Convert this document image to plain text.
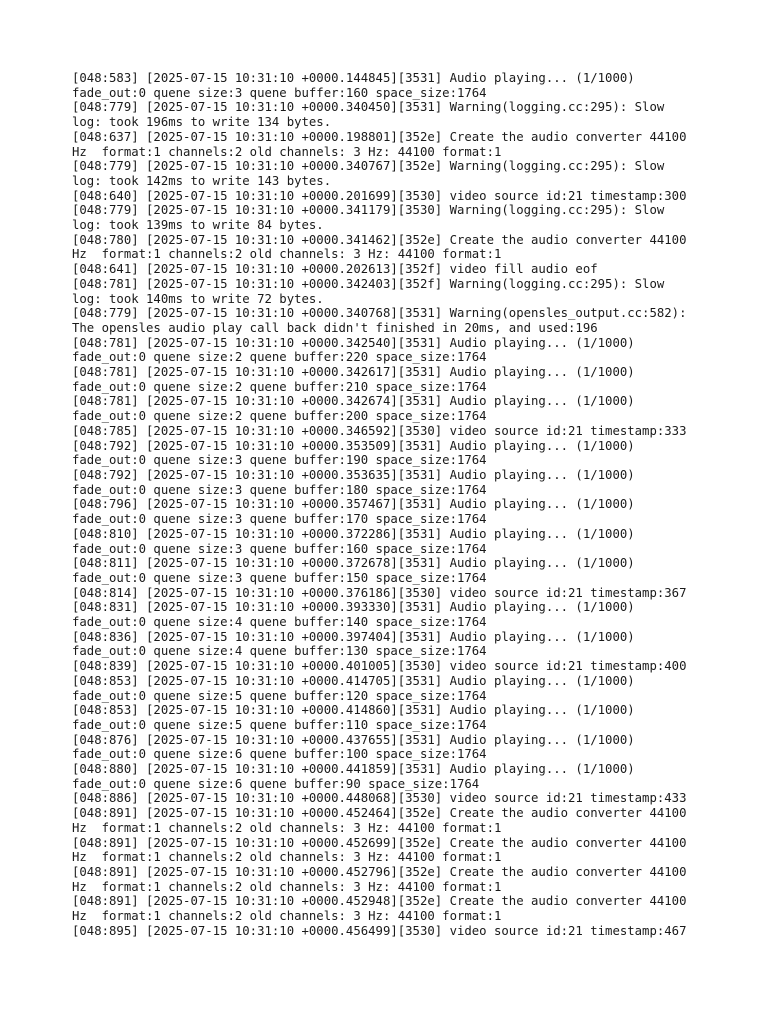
[048:583] [2025-07-15 10:31:10 +0000.144845][3531] Audio playing... (1/1000)
fade_out:0 quene size:3 quene buffer:160 space_size:1764
[048:779] [2025-07-15 10:31:10 +0000.340450][3531] Warning(logging.cc:295): Slow
log: took 196ms to write 134 bytes.
[048:637] [2025-07-15 10:31:10 +0000.198801][352e] Create the audio converter 44100
Hz  format:1 channels:2 old channels: 3 Hz: 44100 format:1
[048:779] [2025-07-15 10:31:10 +0000.340767][352e] Warning(logging.cc:295): Slow
log: took 142ms to write 143 bytes.
[048:640] [2025-07-15 10:31:10 +0000.201699][3530] video source id:21 timestamp:300
[048:779] [2025-07-15 10:31:10 +0000.341179][3530] Warning(logging.cc:295): Slow
log: took 139ms to write 84 bytes.
[048:780] [2025-07-15 10:31:10 +0000.341462][352e] Create the audio converter 44100
Hz  format:1 channels:2 old channels: 3 Hz: 44100 format:1
[048:641] [2025-07-15 10:31:10 +0000.202613][352f] video fill audio eof
[048:781] [2025-07-15 10:31:10 +0000.342403][352f] Warning(logging.cc:295): Slow
log: took 140ms to write 72 bytes.
[048:779] [2025-07-15 10:31:10 +0000.340768][3531] Warning(opensles_output.cc:582):
The opensles audio play call back didn't finished in 20ms, and used:196
[048:781] [2025-07-15 10:31:10 +0000.342540][3531] Audio playing... (1/1000)
fade_out:0 quene size:2 quene buffer:220 space_size:1764
[048:781] [2025-07-15 10:31:10 +0000.342617][3531] Audio playing... (1/1000)
fade_out:0 quene size:2 quene buffer:210 space_size:1764
[048:781] [2025-07-15 10:31:10 +0000.342674][3531] Audio playing... (1/1000)
fade_out:0 quene size:2 quene buffer:200 space_size:1764
[048:785] [2025-07-15 10:31:10 +0000.346592][3530] video source id:21 timestamp:333
[048:792] [2025-07-15 10:31:10 +0000.353509][3531] Audio playing... (1/1000)
fade_out:0 quene size:3 quene buffer:190 space_size:1764
[048:792] [2025-07-15 10:31:10 +0000.353635][3531] Audio playing... (1/1000)
fade_out:0 quene size:3 quene buffer:180 space_size:1764
[048:796] [2025-07-15 10:31:10 +0000.357467][3531] Audio playing... (1/1000)
fade_out:0 quene size:3 quene buffer:170 space_size:1764
[048:810] [2025-07-15 10:31:10 +0000.372286][3531] Audio playing... (1/1000)
fade_out:0 quene size:3 quene buffer:160 space_size:1764
[048:811] [2025-07-15 10:31:10 +0000.372678][3531] Audio playing... (1/1000)
fade_out:0 quene size:3 quene buffer:150 space_size:1764
[048:814] [2025-07-15 10:31:10 +0000.376186][3530] video source id:21 timestamp:367
[048:831] [2025-07-15 10:31:10 +0000.393330][3531] Audio playing... (1/1000)
fade_out:0 quene size:4 quene buffer:140 space_size:1764
[048:836] [2025-07-15 10:31:10 +0000.397404][3531] Audio playing... (1/1000)
fade_out:0 quene size:4 quene buffer:130 space_size:1764
[048:839] [2025-07-15 10:31:10 +0000.401005][3530] video source id:21 timestamp:400
[048:853] [2025-07-15 10:31:10 +0000.414705][3531] Audio playing... (1/1000)
fade_out:0 quene size:5 quene buffer:120 space_size:1764
[048:853] [2025-07-15 10:31:10 +0000.414860][3531] Audio playing... (1/1000)
fade_out:0 quene size:5 quene buffer:110 space_size:1764
[048:876] [2025-07-15 10:31:10 +0000.437655][3531] Audio playing... (1/1000)
fade_out:0 quene size:6 quene buffer:100 space_size:1764
[048:880] [2025-07-15 10:31:10 +0000.441859][3531] Audio playing... (1/1000)
fade_out:0 quene size:6 quene buffer:90 space_size:1764
[048:886] [2025-07-15 10:31:10 +0000.448068][3530] video source id:21 timestamp:433
[048:891] [2025-07-15 10:31:10 +0000.452464][352e] Create the audio converter 44100
Hz  format:1 channels:2 old channels: 3 Hz: 44100 format:1
[048:891] [2025-07-15 10:31:10 +0000.452699][352e] Create the audio converter 44100
Hz  format:1 channels:2 old channels: 3 Hz: 44100 format:1
[048:891] [2025-07-15 10:31:10 +0000.452796][352e] Create the audio converter 44100
Hz  format:1 channels:2 old channels: 3 Hz: 44100 format:1
[048:891] [2025-07-15 10:31:10 +0000.452948][352e] Create the audio converter 44100
Hz  format:1 channels:2 old channels: 3 Hz: 44100 format:1
[048:895] [2025-07-15 10:31:10 +0000.456499][3530] video source id:21 timestamp:467
